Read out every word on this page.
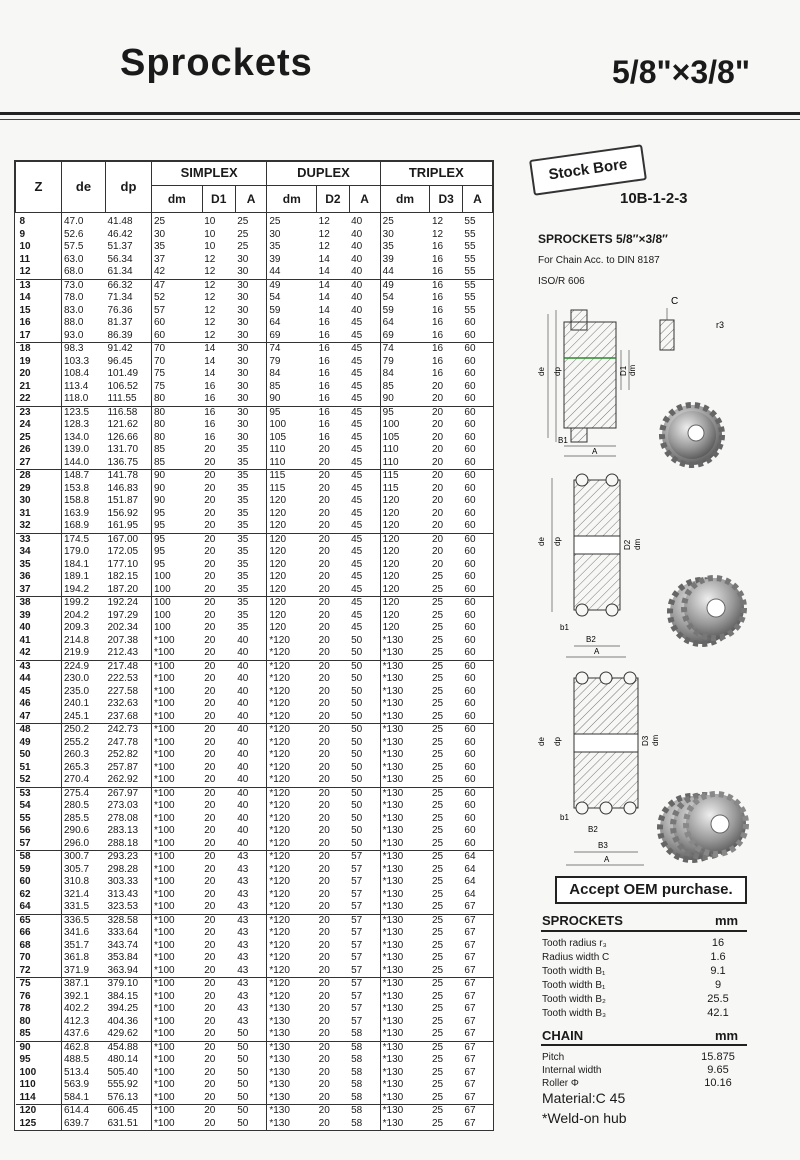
Sprockets	5/8"×3/8"
Z	de	dp	SIMPLEX			DUPLEX			TRIPLEX		
			dm	D1	A	dm	D2	A	dm	D3	A
8	47.0	41.48	25	10	25	25	12	40	25	12	55
9	52.6	46.42	30	10	25	30	12	40	30	12	55
10	57.5	51.37	35	10	25	35	12	40	35	16	55
11	63.0	56.34	37	12	30	39	14	40	39	16	55
12	68.0	61.34	42	12	30	44	14	40	44	16	55
13	73.0	66.32	47	12	30	49	14	40	49	16	55
14	78.0	71.34	52	12	30	54	14	40	54	16	55
15	83.0	76.36	57	12	30	59	14	40	59	16	55
16	88.0	81.37	60	12	30	64	16	45	64	16	60
17	93.0	86.39	60	12	30	69	16	45	69	16	60
18	98.3	91.42	70	14	30	74	16	45	74	16	60
19	103.3	96.45	70	14	30	79	16	45	79	16	60
20	108.4	101.49	75	14	30	84	16	45	84	16	60
21	113.4	106.52	75	16	30	85	16	45	85	20	60
22	118.0	111.55	80	16	30	90	16	45	90	20	60
23	123.5	116.58	80	16	30	95	16	45	95	20	60
24	128.3	121.62	80	16	30	100	16	45	100	20	60
25	134.0	126.66	80	16	30	105	16	45	105	20	60
26	139.0	131.70	85	20	35	110	20	45	110	20	60
27	144.0	136.75	85	20	35	110	20	45	110	20	60
28	148.7	141.78	90	20	35	115	20	45	115	20	60
29	153.8	146.83	90	20	35	115	20	45	115	20	60
30	158.8	151.87	90	20	35	120	20	45	120	20	60
31	163.9	156.92	95	20	35	120	20	45	120	20	60
32	168.9	161.95	95	20	35	120	20	45	120	20	60
33	174.5	167.00	95	20	35	120	20	45	120	20	60
34	179.0	172.05	95	20	35	120	20	45	120	20	60
35	184.1	177.10	95	20	35	120	20	45	120	20	60
36	189.1	182.15	100	20	35	120	20	45	120	25	60
37	194.2	187.20	100	20	35	120	20	45	120	25	60
38	199.2	192.24	100	20	35	120	20	45	120	25	60
39	204.2	197.29	100	20	35	120	20	45	120	25	60
40	209.3	202.34	100	20	35	120	20	45	120	25	60
41	214.8	207.38	*100	20	40	*120	20	50	*130	25	60
42	219.9	212.43	*100	20	40	*120	20	50	*130	25	60
43	224.9	217.48	*100	20	40	*120	20	50	*130	25	60
44	230.0	222.53	*100	20	40	*120	20	50	*130	25	60
45	235.0	227.58	*100	20	40	*120	20	50	*130	25	60
46	240.1	232.63	*100	20	40	*120	20	50	*130	25	60
47	245.1	237.68	*100	20	40	*120	20	50	*130	25	60
48	250.2	242.73	*100	20	40	*120	20	50	*130	25	60
49	255.2	247.78	*100	20	40	*120	20	50	*130	25	60
50	260.3	252.82	*100	20	40	*120	20	50	*130	25	60
51	265.3	257.87	*100	20	40	*120	20	50	*130	25	60
52	270.4	262.92	*100	20	40	*120	20	50	*130	25	60
53	275.4	267.97	*100	20	40	*120	20	50	*130	25	60
54	280.5	273.03	*100	20	40	*120	20	50	*130	25	60
55	285.5	278.08	*100	20	40	*120	20	50	*130	25	60
56	290.6	283.13	*100	20	40	*120	20	50	*130	25	60
57	296.0	288.18	*100	20	40	*120	20	50	*130	25	60
58	300.7	293.23	*100	20	43	*120	20	57	*130	25	64
59	305.7	298.28	*100	20	43	*120	20	57	*130	25	64
60	310.8	303.33	*100	20	43	*120	20	57	*130	25	64
62	321.4	313.43	*100	20	43	*120	20	57	*130	25	64
64	331.5	323.53	*100	20	43	*120	20	57	*130	25	67
65	336.5	328.58	*100	20	43	*120	20	57	*130	25	67
66	341.6	333.64	*100	20	43	*120	20	57	*130	25	67
68	351.7	343.74	*100	20	43	*120	20	57	*130	25	67
70	361.8	353.84	*100	20	43	*120	20	57	*130	25	67
72	371.9	363.94	*100	20	43	*120	20	57	*130	25	67
75	387.1	379.10	*100	20	43	*120	20	57	*130	25	67
76	392.1	384.15	*100	20	43	*120	20	57	*130	25	67
78	402.2	394.25	*100	20	43	*130	20	57	*130	25	67
80	412.3	404.36	*100	20	43	*130	20	57	*130	25	67
85	437.6	429.62	*100	20	50	*130	20	58	*130	25	67
90	462.8	454.88	*100	20	50	*130	20	58	*130	25	67
95	488.5	480.14	*100	20	50	*130	20	58	*130	25	67
100	513.4	505.40	*100	20	50	*130	20	58	*130	25	67
110	563.9	555.92	*100	20	50	*130	20	58	*130	25	67
114	584.1	576.13	*100	20	50	*130	20	58	*130	25	67
120	614.4	606.45	*100	20	50	*130	20	58	*130	25	67
125	639.7	631.51	*100	20	50	*130	20	58	*130	25	67
Stock Bore
10B-1-2-3
SPROCKETS 5/8″×3/8″
For Chain Acc. to DIN 8187
ISO/R 606
de dp	D1 dm
B1
A
C
r3
de dp	D2 dm
b1
B2
A
de dp	D3 dm
b1
B2
B3
A
Accept OEM purchase.
SPROCKETS	mm
Tooth radius r₃	16
Radius width C	1.6
Tooth width B₁	9.1
Tooth width B₁	9
Tooth width B₂	25.5
Tooth width B₃	42.1
CHAIN	mm
Pitch	15.875
Internal width	9.65
Roller Φ	10.16
Material:C 45
*Weld-on hub
